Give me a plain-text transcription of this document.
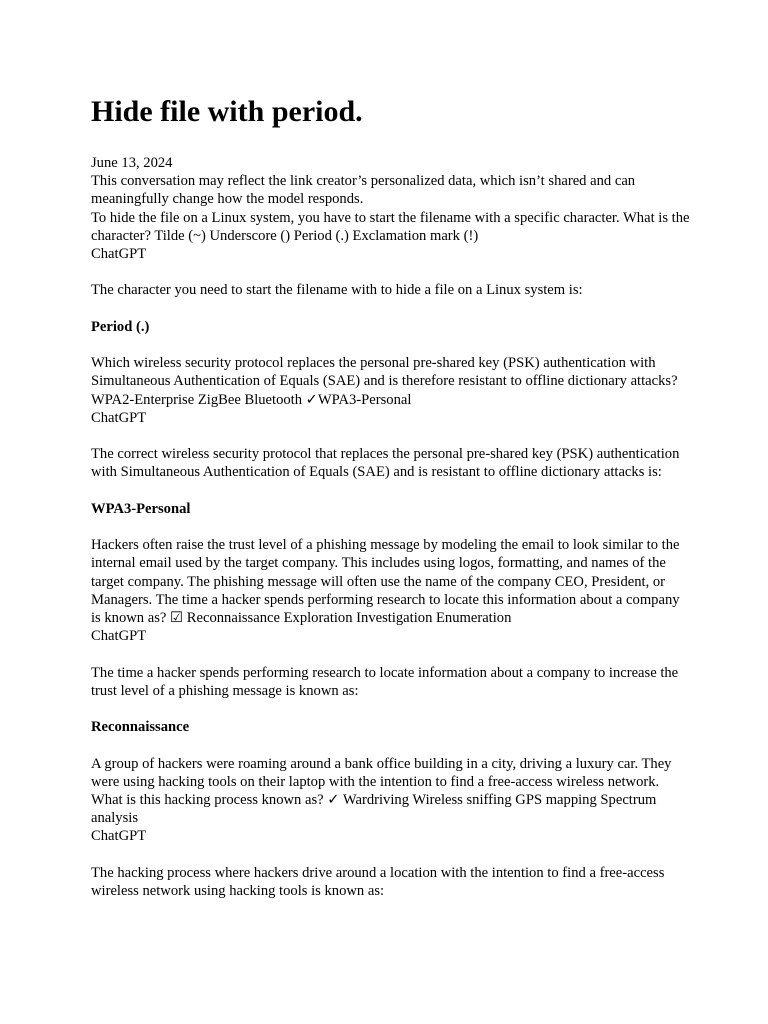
Hide file with period.

June 13, 2024

This conversation may reflect the link creator’s personalized data, which isn’t shared and can meaningfully change how the model responds.

To hide the file on a Linux system, you have to start the filename with a specific character. What is the character? Tilde (~) Underscore () Period (.) Exclamation mark (!)

ChatGPT

The character you need to start the filename with to hide a file on a Linux system is:

Period (.)

Which wireless security protocol replaces the personal pre-shared key (PSK) authentication with Simultaneous Authentication of Equals (SAE) and is therefore resistant to offline dictionary attacks? WPA2-Enterprise ZigBee Bluetooth ✓WPA3-Personal

ChatGPT

The correct wireless security protocol that replaces the personal pre-shared key (PSK) authentication with Simultaneous Authentication of Equals (SAE) and is resistant to offline dictionary attacks is:

WPA3-Personal

Hackers often raise the trust level of a phishing message by modeling the email to look similar to the internal email used by the target company. This includes using logos, formatting, and names of the target company. The phishing message will often use the name of the company CEO, President, or Managers. The time a hacker spends performing research to locate this information about a company is known as? ☑ Reconnaissance Exploration Investigation Enumeration

ChatGPT

The time a hacker spends performing research to locate information about a company to increase the trust level of a phishing message is known as:

Reconnaissance

A group of hackers were roaming around a bank office building in a city, driving a luxury car. They were using hacking tools on their laptop with the intention to find a free-access wireless network. What is this hacking process known as? ✓ Wardriving Wireless sniffing GPS mapping Spectrum analysis

ChatGPT

The hacking process where hackers drive around a location with the intention to find a free-access wireless network using hacking tools is known as:
